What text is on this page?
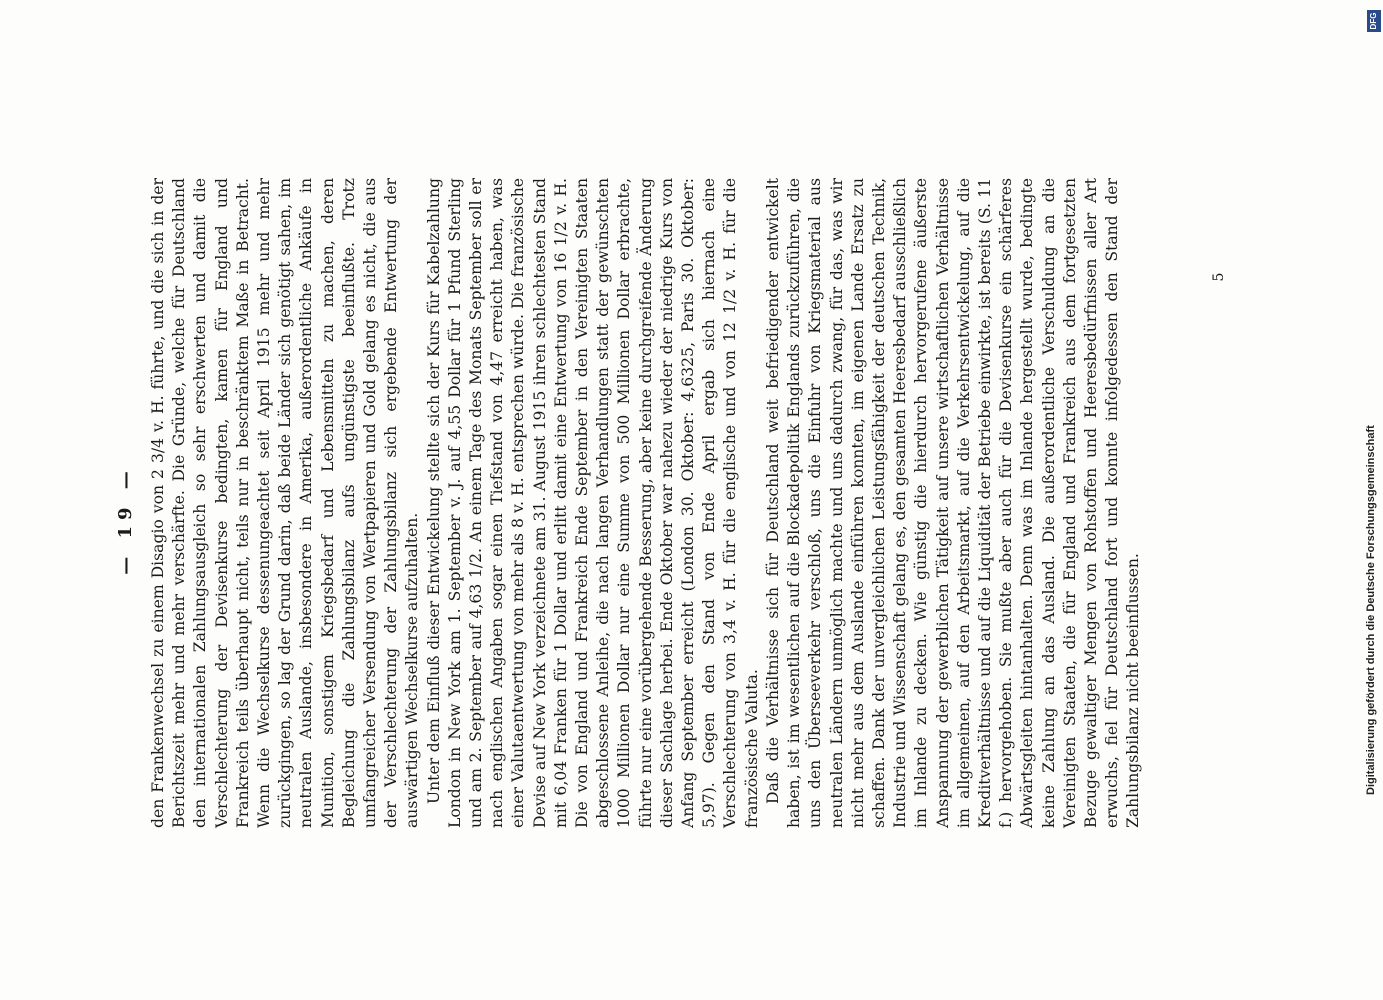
— 19 — den Frankenwechsel zu einem Disagio von 2 3/4 v. H. führte, und die sich in der Berichtszeit mehr und mehr verschärfte. Die Gründe, welche für Deutschland den internationalen Zahlungsausgleich so sehr erschwerten und damit die Verschlechterung der Devisenkurse bedingten, kamen für England und Frankreich teils überhaupt nicht, teils nur in beschränktem Maße in Betracht. Wenn die Wechselkurse dessenungeachtet seit April 1915 mehr und mehr zurückgingen, so lag der Grund darin, daß beide Länder sich genötigt sahen, im neutralen Auslande, insbesondere in Amerika, außerordentliche Ankäufe in Munition, sonstigem Kriegsbedarf und Lebensmitteln zu machen, deren Begleichung die Zahlungsbilanz aufs ungünstigste beeinflußte. Trotz umfangreicher Versendung von Wertpapieren und Gold gelang es nicht, die aus der Verschlechterung der Zahlungsbilanz sich ergebende Entwertung der auswärtigen Wechselkurse aufzuhalten. Unter dem Einfluß dieser Entwickelung stellte sich der Kurs für Kabelzahlung London in New York am 1. September v. J. auf 4,55 Dollar für 1 Pfund Sterling und am 2. September auf 4,63 1/2. An einem Tage des Monats September soll er nach englischen Angaben sogar einen Tiefstand von 4,47 erreicht haben, was einer Valutaentwertung von mehr als 8 v. H. entsprechen würde. Die französische Devise auf New York verzeichnete am 31. August 1915 ihren schlechtesten Stand mit 6,04 Franken für 1 Dollar und erlitt damit eine Entwertung von 16 1/2 v. H. Die von England und Frankreich Ende September in den Vereinigten Staaten abgeschlossene Anleihe, die nach langen Verhandlungen statt der gewünschten 1000 Millionen Dollar nur eine Summe von 500 Millionen Dollar erbrachte, führte nur eine vorübergehende Besserung, aber keine durchgreifende Änderung dieser Sachlage herbei. Ende Oktober war nahezu wieder der niedrige Kurs von Anfang September erreicht (London 30. Oktober: 4,6325, Paris 30. Oktober: 5,97). Gegen den Stand von Ende April ergab sich hiernach eine Verschlechterung von 3,4 v. H. für die englische und von 12 1/2 v. H. für die französische Valuta. Daß die Verhältnisse sich für Deutschland weit befriedigender entwickelt haben, ist im wesentlichen auf die Blockadepolitik Englands zurückzuführen, die uns den Überseeverkehr verschloß, uns die Einfuhr von Kriegsmaterial aus neutralen Ländern unmöglich machte und uns dadurch zwang, für das, was wir nicht mehr aus dem Auslande einführen konnten, im eigenen Lande Ersatz zu schaffen. Dank der unvergleichlichen Leistungsfähigkeit der deutschen Technik, Industrie und Wissenschaft gelang es, den gesamten Heeresbedarf ausschließlich im Inlande zu decken. Wie günstig die hierdurch hervorgerufene äußerste Anspannung der gewerblichen Tätigkeit auf unsere wirtschaftlichen Verhältnisse im allgemeinen, auf den Arbeitsmarkt, auf die Verkehrsentwickelung, auf die Kreditverhältnisse und auf die Liquidität der Betriebe einwirkte, ist bereits (S. 11 f.) hervorgehoben. Sie mußte aber auch für die Devisenkurse ein schärferes Abwärtsgleiten hintanhalten. Denn was im Inlande hergestellt wurde, bedingte keine Zahlung an das Ausland. Die außerordentliche Verschuldung an die Vereinigten Staaten, die für England und Frankreich aus dem fortgesetzten Bezuge gewaltiger Mengen von Rohstoffen und Heeresbedürfnissen aller Art erwuchs, fiel für Deutschland fort und konnte infolgedessen den Stand der Zahlungsbilanz nicht beeinflussen.

5
Digitalisierung gefördert durch die Deutsche Forschungsgemeinschaft
DFG
